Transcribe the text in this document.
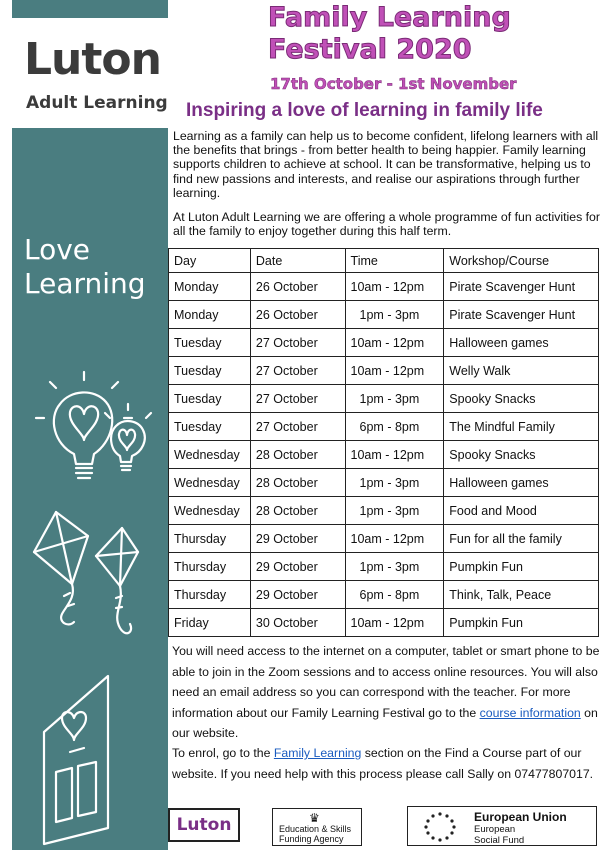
Luton
Adult Learning
Love
Learning
Family Learning
Festival 2020
17th October - 1st November
Inspiring a love of learning in family life
Learning as a family can help us to become confident, lifelong learners with all the benefits that brings - from better health to being happier. Family learning supports children to achieve at school. It can be transformative, helping us to find new passions and interests, and realise our aspirations through further learning.
At Luton Adult Learning we are offering a whole programme of fun activities for all the family to enjoy together during this half term.
Day	Date	Time	Workshop/Course
Monday	26 October	10am - 12pm	Pirate Scavenger Hunt
Monday	26 October	1pm - 3pm	Pirate Scavenger Hunt
Tuesday	27 October	10am - 12pm	Halloween games
Tuesday	27 October	10am - 12pm	Welly Walk
Tuesday	27 October	1pm - 3pm	Spooky Snacks
Tuesday	27 October	6pm - 8pm	The Mindful Family
Wednesday	28 October	10am - 12pm	Spooky Snacks
Wednesday	28 October	1pm - 3pm	Halloween games
Wednesday	28 October	1pm - 3pm	Food and Mood
Thursday	29 October	10am - 12pm	Fun for all the family
Thursday	29 October	1pm - 3pm	Pumpkin Fun
Thursday	29 October	6pm - 8pm	Think, Talk, Peace
Friday	30 October	10am - 12pm	Pumpkin Fun
You will need access to the internet on a computer, tablet or smart phone to be able to join in the Zoom sessions and to access online resources. You will also need an email address so you can correspond with the teacher. For more information about our Family Learning Festival go to the course information on our website.
To enrol, go to the Family Learning section on the Find a Course part of our website. If you need help with this process please call Sally on 07477807017.
Luton	♛
Education & Skills
Funding Agency
European Union
European
Social Fund
